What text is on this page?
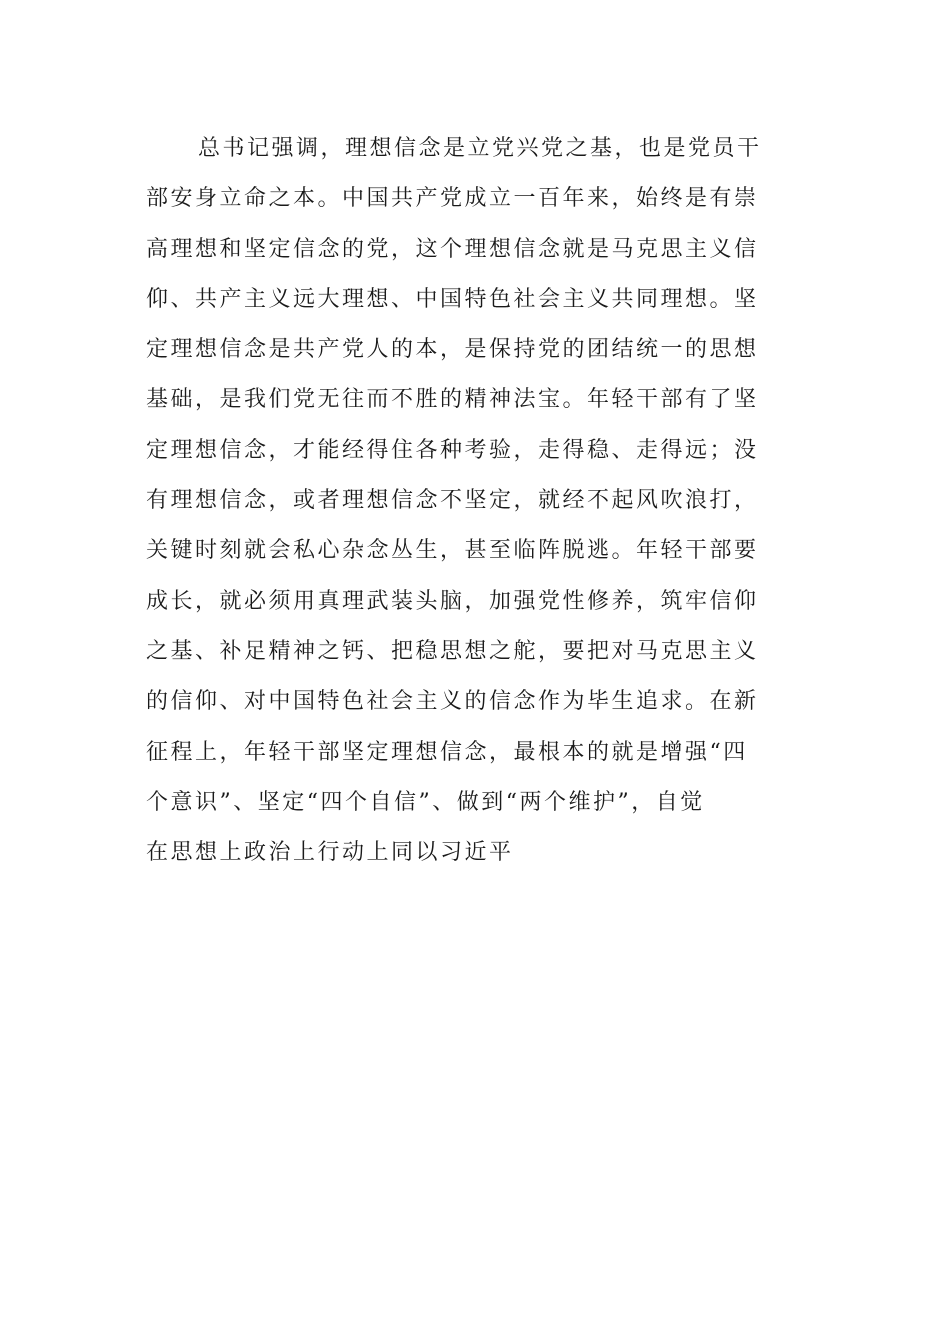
总书记强调，理想信念是立党兴党之基，也是党员干
部安身立命之本。中国共产党成立一百年来，始终是有崇
高理想和坚定信念的党，这个理想信念就是马克思主义信
仰、共产主义远大理想、中国特色社会主义共同理想。坚
定理想信念是共产党人的本，是保持党的团结统一的思想
基础，是我们党无往而不胜的精神法宝。年轻干部有了坚
定理想信念，才能经得住各种考验，走得稳、走得远；没
有理想信念，或者理想信念不坚定，就经不起风吹浪打，
关键时刻就会私心杂念丛生，甚至临阵脱逃。年轻干部要
成长，就必须用真理武装头脑，加强党性修养，筑牢信仰
之基、补足精神之钙、把稳思想之舵，要把对马克思主义
的信仰、对中国特色社会主义的信念作为毕生追求。在新
征程上，年轻干部坚定理想信念，最根本的就是增强“四
个意识”、坚定“四个自信”、做到“两个维护”，自觉
在思想上政治上行动上同以习近平
